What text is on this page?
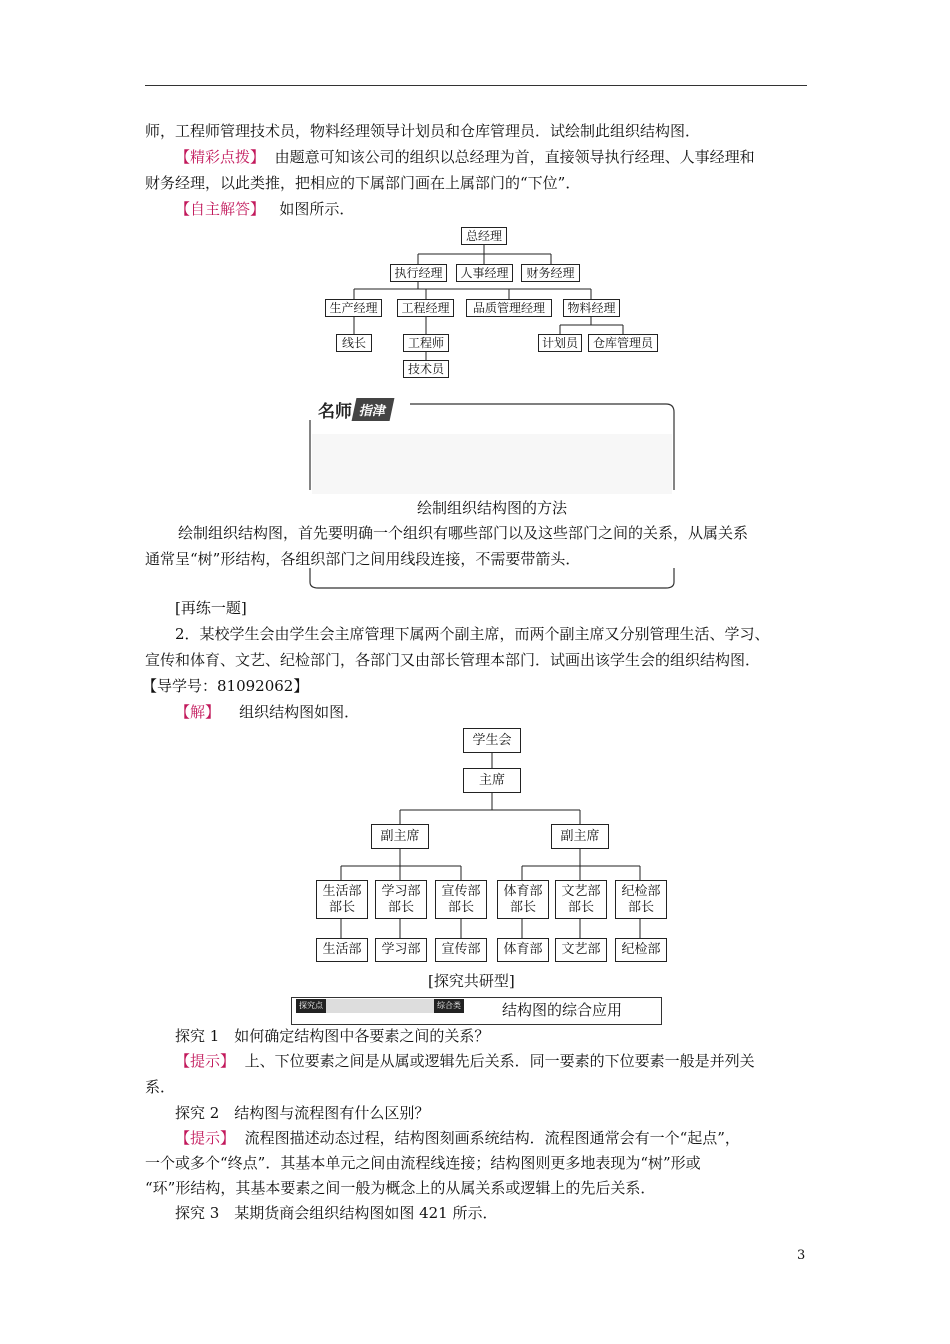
师，工程师管理技术员，物料经理领导计划员和仓库管理员．试绘制此组织结构图．
【精彩点拨】 由题意可知该公司的组织以总经理为首，直接领导执行经理、人事经理和
财务经理，以此类推，把相应的下属部门画在上属部门的“下位”．
【自主解答】 如图所示．
总经理
执行经理	人事经理	财务经理
生产经理	工程经理	品质管理经理	物料经理
线长	工程师	计划员	仓库管理员
技术员
名师 指津
绘制组织结构图的方法
绘制组织结构图，首先要明确一个组织有哪些部门以及这些部门之间的关系，从属关系
通常呈“树”形结构，各组织部门之间用线段连接，不需要带箭头．
[再练一题]
2．某校学生会由学生会主席管理下属两个副主席，而两个副主席又分别管理生活、学习、
宣传和体育、文艺、纪检部门，各部门又由部长管理本部门．试画出该学生会的组织结构图．
【导学号：81092062】
【解】 组织结构图如图．
学生会
主席
副主席	副主席
生活部
部长
学习部
部长
宣传部
部长
体育部
部长
文艺部
部长
纪检部
部长
生活部	学习部	宣传部	体育部	文艺部	纪检部
[探究共研型]
探究点	综合类	结构图的综合应用
探究 1　如何确定结构图中各要素之间的关系？
【提示】 上、下位要素之间是从属或逻辑先后关系．同一要素的下位要素一般是并列关
系．
探究 2　结构图与流程图有什么区别？
【提示】 流程图描述动态过程，结构图刻画系统结构．流程图通常会有一个“起点”，
一个或多个“终点”．其基本单元之间由流程线连接；结构图则更多地表现为“树”形或
“环”形结构，其基本要素之间一般为概念上的从属关系或逻辑上的先后关系．
探究 3　某期货商会组织结构图如图 421 所示．
3
